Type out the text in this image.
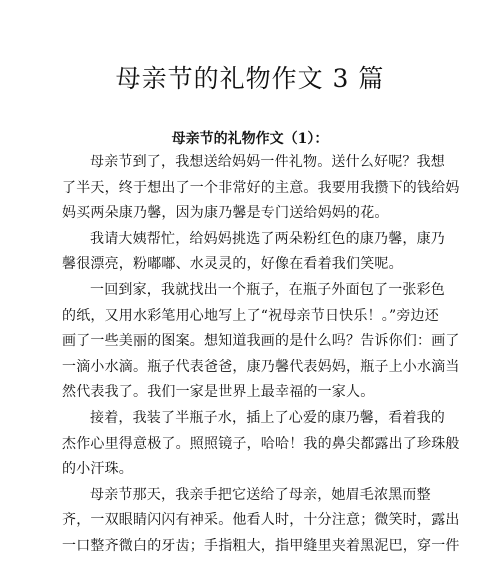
母亲节的礼物作文 3 篇
母亲节的礼物作文（1）：

母亲节到了，我想送给妈妈一件礼物。送什么好呢？我想
了半天，终于想出了一个非常好的主意。我要用我攒下的钱给妈
妈买两朵康乃馨，因为康乃馨是专门送给妈妈的花。

我请大姨帮忙，给妈妈挑选了两朵粉红色的康乃馨，康乃
馨很漂亮，粉嘟嘟、水灵灵的，好像在看着我们笑呢。

一回到家，我就找出一个瓶子，在瓶子外面包了一张彩色
的纸，又用水彩笔用心地写上了“祝母亲节日快乐！。”旁边还
画了一些美丽的图案。想知道我画的是什么吗？告诉你们：画了
一滴小水滴。瓶子代表爸爸，康乃馨代表妈妈，瓶子上小水滴当
然代表我了。我们一家是世界上最幸福的一家人。

接着，我装了半瓶子水，插上了心爱的康乃馨，看着我的
杰作心里得意极了。照照镜子，哈哈！我的鼻尖都露出了珍珠般
的小汗珠。

母亲节那天，我亲手把它送给了母亲，她眉毛浓黑而整
齐，一双眼睛闪闪有神采。他看人时，十分注意；微笑时，露出
一口整齐微白的牙齿；手指粗大，指甲缝里夹着黑泥巴，穿一件
